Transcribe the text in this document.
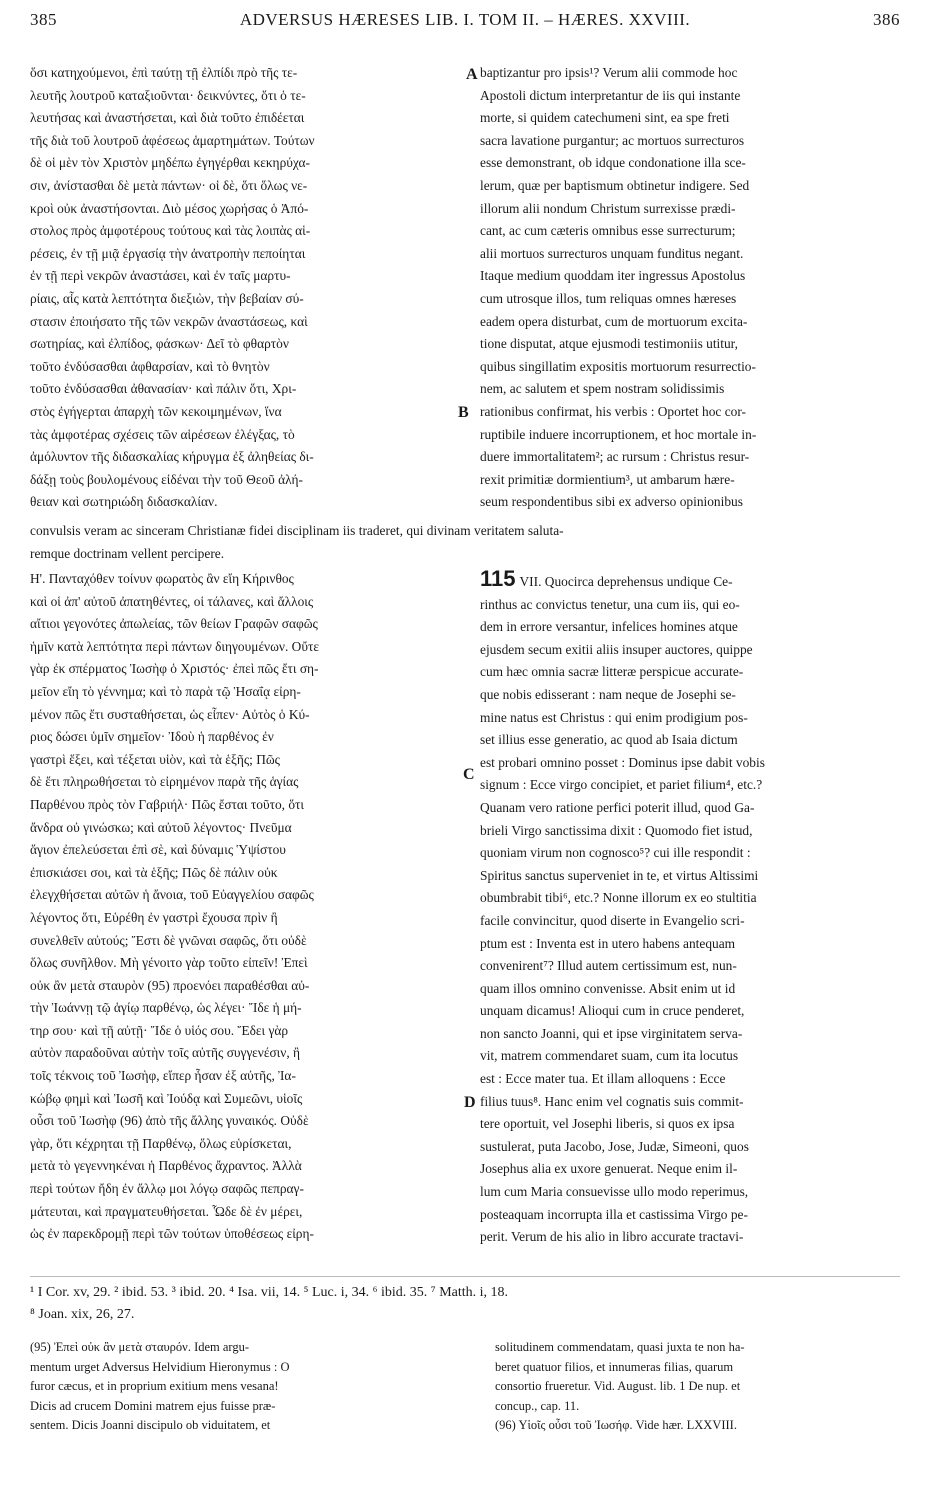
385	ADVERSUS HÆRESES LIB. I. TOM II. – HÆRES. XXVIII.	386
ὅσι κατηχούμενοι, ἐπὶ ταύτῃ τῇ ἐλπίδι πρὸ τῆς τε-
λευτῆς λουτροῦ καταξιοῦνται· δεικνύντες, ὅτι ὁ τε-
λευτήσας καὶ ἀναστήσεται, καὶ διὰ τοῦτο ἐπιδέεται
τῆς διὰ τοῦ λουτροῦ ἀφέσεως ἁμαρτημάτων. Τούτων
δὲ οἱ μὲν τὸν Χριστὸν μηδέπω ἐγηγέρθαι κεκηρύχα-
σιν, ἀνίστασθαι δὲ μετὰ πάντων· οἱ δὲ, ὅτι ὅλως νε-
κροὶ οὐκ ἀναστήσονται. Διὸ μέσος χωρήσας ὁ Ἀπό-
στολος πρὸς ἀμφοτέρους τούτους καὶ τὰς λοιπὰς αἱ-
ρέσεις, ἐν τῇ μιᾷ ἐργασίᾳ τὴν ἀνατροπὴν πεποίηται
ἐν τῇ περὶ νεκρῶν ἀναστάσει, καὶ ἐν ταῖς μαρτυ-
ρίαις, αἷς κατὰ λεπτότητα διεξιὼν, τὴν βεβαίαν σύ-
στασιν ἐποιήσατο τῆς τῶν νεκρῶν ἀναστάσεως, καὶ
σωτηρίας, καὶ ἐλπίδος, φάσκων· Δεῖ τὸ φθαρτὸν
τοῦτο ἐνδύσασθαι ἀφθαρσίαν, καὶ τὸ θνητὸν
τοῦτο ἐνδύσασθαι ἀθανασίαν· καὶ πάλιν ὅτι, Χρι-
στὸς ἐγήγερται ἀπαρχὴ τῶν κεκοιμημένων, ἵνα
τὰς ἀμφοτέρας σχέσεις τῶν αἱρέσεων ἐλέγξας, τὸ
ἀμόλυντον τῆς διδασκαλίας κήρυγμα ἐξ ἀληθείας δι-
δάξῃ τοὺς βουλομένους εἰδέναι τὴν τοῦ Θεοῦ ἀλή-
θειαν καὶ σωτηριώδη διδασκαλίαν.
baptizantur pro ipsis¹? Verum alii commode hoc
Apostoli dictum interpretantur de iis qui instante
morte, si quidem catechumeni sint, ea spe freti
sacra lavatione purgantur; ac mortuos surrecturos
esse demonstrant, ob idque condonatione illa sce-
lerum, quæ per baptismum obtinetur indigere. Sed
illorum alii nondum Christum surrexisse prædi-
cant, ac cum cæteris omnibus esse surrecturum;
alii mortuos surrecturos unquam funditus negant.
Itaque medium quoddam iter ingressus Apostolus
cum utrosque illos, tum reliquas omnes hæreses
eadem opera disturbat, cum de mortuorum excita-
tione disputat, atque ejusmodi testimoniis utitur,
quibus singillatim expositis mortuorum resurrectio-
nem, ac salutem et spem nostram solidissimis
rationibus confirmat, his verbis : Oportet hoc cor-
ruptibile induere incorruptionem, et hoc mortale in-
duere immortalitatem²; ac rursum : Christus resur-
rexit primitiæ dormientium³, ut ambarum hære-
seum respondentibus sibi ex adverso opinionibus
A
B
convulsis veram ac sinceram Christianæ fidei disciplinam iis traderet, qui divinam veritatem saluta-
remque doctrinam vellent percipere.
Η'. Πανταχόθεν τοίνυν φωρατὸς ἂν εἴη Κήρινθος
καὶ οἱ ἀπ' αὐτοῦ ἀπατηθέντες, οἱ τάλανες, καὶ ἄλλοις
αἴτιοι γεγονότες ἀπωλείας, τῶν θείων Γραφῶν σαφῶς
ἡμῖν κατὰ λεπτότητα περὶ πάντων διηγουμένων. Οὔτε
γὰρ ἐκ σπέρματος Ἰωσὴφ ὁ Χριστός· ἐπεὶ πῶς ἔτι ση-
μεῖον εἴη τὸ γέννημα; καὶ τὸ παρὰ τῷ Ἡσαΐᾳ εἰρη-
μένον πῶς ἔτι συσταθήσεται, ὡς εἶπεν· Αὐτὸς ὁ Κύ-
ριος δώσει ὑμῖν σημεῖον· Ἰδοὺ ἡ παρθένος ἐν
γαστρὶ ἕξει, καὶ τέξεται υἱὸν, καὶ τὰ ἑξῆς; Πῶς
δὲ ἔτι πληρωθήσεται τὸ εἰρημένον παρὰ τῆς ἁγίας
Παρθένου πρὸς τὸν Γαβριήλ· Πῶς ἔσται τοῦτο, ὅτι
ἄνδρα οὐ γινώσκω; καὶ αὐτοῦ λέγοντος· Πνεῦμα
ἅγιον ἐπελεύσεται ἐπὶ σὲ, καὶ δύναμις Ὑψίστου
ἐπισκιάσει σοι, καὶ τὰ ἑξῆς; Πῶς δὲ πάλιν οὐκ
ἐλεγχθήσεται αὐτῶν ἡ ἄνοια, τοῦ Εὐαγγελίου σαφῶς
λέγοντος ὅτι, Εὑρέθη ἐν γαστρὶ ἔχουσα πρὶν ἢ
συνελθεῖν αὐτούς; Ἔστι δὲ γνῶναι σαφῶς, ὅτι οὐδὲ
ὅλως συνῆλθον. Μὴ γένοιτο γὰρ τοῦτο εἰπεῖν! Ἐπεὶ
οὐκ ἂν μετὰ σταυρὸν (95) προενόει παραθέσθαι αὐ-
τὴν Ἰωάννῃ τῷ ἁγίῳ παρθένῳ, ὡς λέγει· Ἴδε ἡ μή-
τηρ σου· καὶ τῇ αὐτῇ· Ἴδε ὁ υἱός σου. Ἔδει γὰρ
αὐτὸν παραδοῦναι αὐτὴν τοῖς αὐτῆς συγγενέσιν, ἢ
τοῖς τέκνοις τοῦ Ἰωσὴφ, εἴπερ ἦσαν ἐξ αὐτῆς, Ἰα-
κώβῳ φημὶ καὶ Ἰωσῆ καὶ Ἰούδᾳ καὶ Συμεῶνι, υἱοῖς
οὖσι τοῦ Ἰωσὴφ (96) ἀπὸ τῆς ἄλλης γυναικός. Οὐδὲ
γὰρ, ὅτι κέχρηται τῇ Παρθένῳ, ὅλως εὑρίσκεται,
μετὰ τὸ γεγεννηκέναι ἡ Παρθένος ἄχραντος. Ἀλλὰ
περὶ τούτων ἤδη ἐν ἄλλῳ μοι λόγῳ σαφῶς πεπραγ-
μάτευται, καὶ πραγματευθήσεται. Ὧδε δὲ ἐν μέρει,
ὡς ἐν παρεκδρομῇ περὶ τῶν τούτων ὑποθέσεως εἰρη-
115 VII. Quocirca deprehensus undique Ce-
rinthus ac convictus tenetur, una cum iis, qui eo-
dem in errore versantur, infelices homines atque
ejusdem secum exitii aliis insuper auctores, quippe
cum hæc omnia sacræ litteræ perspicue accurate-
que nobis edisserant : nam neque de Josephi se-
mine natus est Christus : qui enim prodigium pos-
set illius esse generatio, ac quod ab Isaia dictum
est probari omnino posset : Dominus ipse dabit vobis
signum : Ecce virgo concipiet, et pariet filium⁴, etc.?
Quanam vero ratione perfici poterit illud, quod Ga-
brieli Virgo sanctissima dixit : Quomodo fiet istud,
quoniam virum non cognosco⁵? cui ille respondit :
Spiritus sanctus superveniet in te, et virtus Altissimi
obumbrabit tibi⁶, etc.? Nonne illorum ex eo stultitia
facile convincitur, quod diserte in Evangelio scri-
ptum est : Inventa est in utero habens antequam
convenirent⁷? Illud autem certissimum est, nun-
quam illos omnino convenisse. Absit enim ut id
unquam dicamus! Alioqui cum in cruce penderet,
non sancto Joanni, qui et ipse virginitatem serva-
vit, matrem commendaret suam, cum ita locutus
est : Ecce mater tua. Et illam alloquens : Ecce
filius tuus⁸. Hanc enim vel cognatis suis commit-
tere oportuit, vel Josephi liberis, si quos ex ipsa
sustulerat, puta Jacobo, Jose, Judæ, Simeoni, quos
Josephus alia ex uxore genuerat. Neque enim il-
lum cum Maria consuevisse ullo modo reperimus,
posteaquam incorrupta illa et castissima Virgo pe-
perit. Verum de his alio in libro accurate tractavi-
C
D
¹ I Cor. xv, 29. ² ibid. 53. ³ ibid. 20. ⁴ Isa. vii, 14. ⁵ Luc. i, 34. ⁶ ibid. 35. ⁷ Matth. i, 18.
⁸ Joan. xix, 26, 27.
(95) Ἐπεὶ οὐκ ἂν μετὰ σταυρόν. Idem argu-
mentum urget Adversus Helvidium Hieronymus : O
furor cæcus, et in proprium exitium mens vesana!
Dicis ad crucem Domini matrem ejus fuisse præ-
sentem. Dicis Joanni discipulo ob viduitatem, et
solitudinem commendatam, quasi juxta te non ha-
beret quatuor filios, et innumeras filias, quarum
consortio frueretur. Vid. August. lib. 1 De nup. et
concup., cap. 11.
(96) Υἱοῖς οὖσι τοῦ Ἰωσήφ. Vide hær. LXXVIII.
